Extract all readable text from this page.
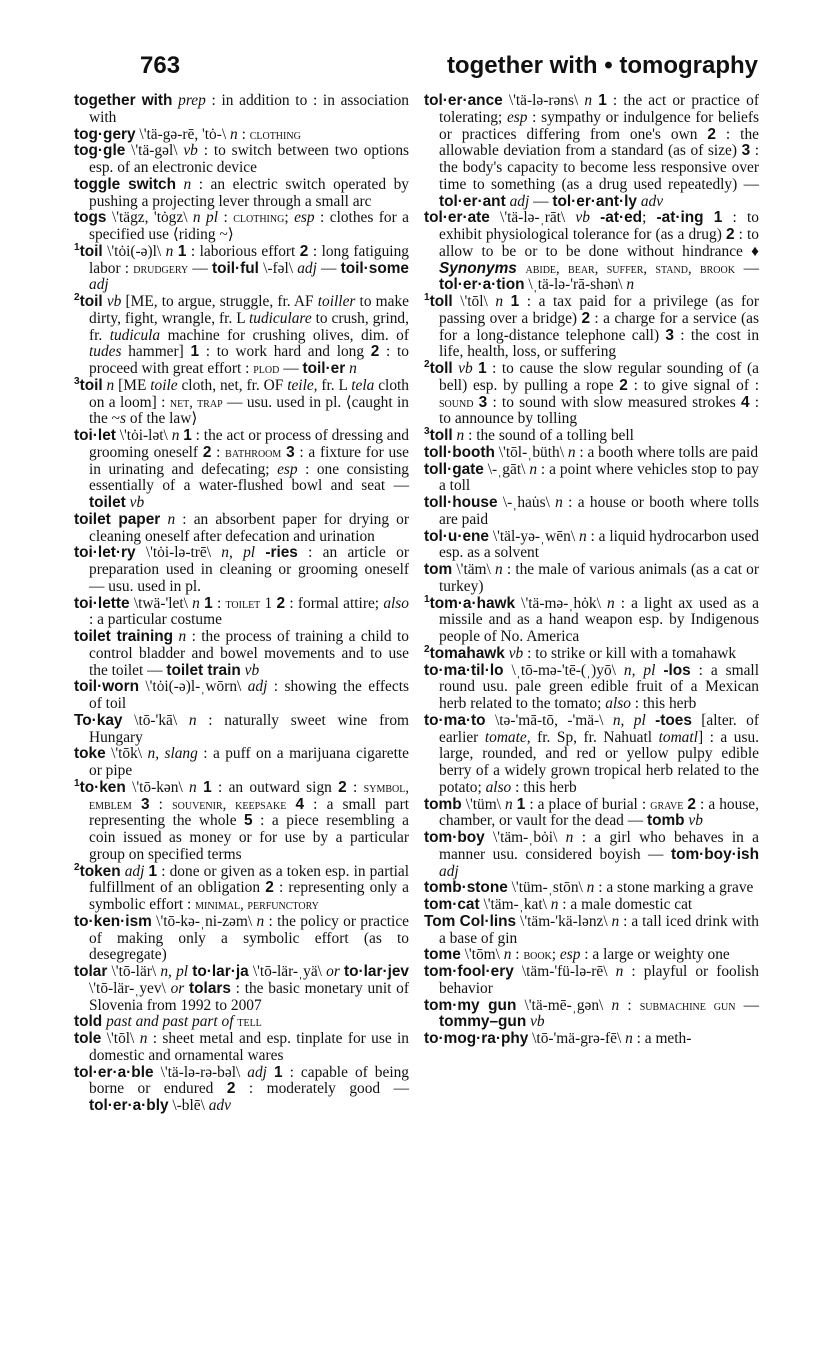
763	together with • tomography

together with prep : in addition to : in association with

tog·gery \'tä-gə-rē, 'tȯ-\ n : clothing

tog·gle \'tä-gəl\ vb : to switch between two options esp. of an electronic device

toggle switch n : an electric switch operated by pushing a projecting lever through a small arc

togs \'tägz, 'tȯgz\ n pl : clothing; esp : clothes for a specified use ⟨riding ~⟩

$^1$toil \'tȯi(-ə)l\ n 1 : laborious effort 2 : long fatiguing labor : drudgery — toil·ful \-fəl\ adj — toil·some adj

$^2$toil vb [ME, to argue, struggle, fr. AF toiller to make dirty, fight, wrangle, fr. L tudiculare to crush, grind, fr. tudicula machine for crushing olives, dim. of tudes hammer] 1 : to work hard and long 2 : to proceed with great effort : plod — toil·er n

$^3$toil n [ME toile cloth, net, fr. OF teile, fr. L tela cloth on a loom] : net, trap — usu. used in pl. ⟨caught in the ~s of the law⟩

toi·let \'tȯi-lət\ n 1 : the act or process of dressing and grooming oneself 2 : bathroom 3 : a fixture for use in urinating and defecating; esp : one consisting essentially of a water-flushed bowl and seat — toilet vb

toilet paper n : an absorbent paper for drying or cleaning oneself after defecation and urination

toi·let·ry \'tȯi-lə-trē\ n, pl -ries : an article or preparation used in cleaning or grooming oneself — usu. used in pl.

toi·lette \twä-'let\ n 1 : toilet 1 2 : formal attire; also : a particular costume

toilet training n : the process of training a child to control bladder and bowel movements and to use the toilet — toilet train vb

toil·worn \'tȯi(-ə)l-ˌwōrn\ adj : showing the effects of toil

To·kay \tō-'kā\ n : naturally sweet wine from Hungary

toke \'tōk\ n, slang : a puff on a marijuana cigarette or pipe

$^1$to·ken \'tō-kən\ n 1 : an outward sign 2 : symbol, emblem 3 : souvenir, keepsake 4 : a small part representing the whole 5 : a piece resembling a coin issued as money or for use by a particular group on specified terms

$^2$token adj 1 : done or given as a token esp. in partial fulfillment of an obligation 2 : representing only a symbolic effort : minimal, perfunctory

to·ken·ism \'tō-kə-ˌni-zəm\ n : the policy or practice of making only a symbolic effort (as to desegregate)

tolar \'tō-lär\ n, pl to·lar·ja \'tō-lär-ˌyä\ or to·lar·jev \'tō-lär-ˌyev\ or tolars : the basic monetary unit of Slovenia from 1992 to 2007

told past and past part of tell

tole \'tōl\ n : sheet metal and esp. tinplate for use in domestic and ornamental wares

tol·er·a·ble \'tä-lə-rə-bəl\ adj 1 : capable of being borne or endured 2 : moderately good — tol·er·a·bly \-blē\ adv

tol·er·ance \'tä-lə-rəns\ n 1 : the act or practice of tolerating; esp : sympathy or indulgence for beliefs or practices differing from one's own 2 : the allowable deviation from a standard (as of size) 3 : the body's capacity to become less responsive over time to something (as a drug used repeatedly) — tol·er·ant adj — tol·er·ant·ly adv

tol·er·ate \'tä-lə-ˌrāt\ vb -at·ed; -at·ing 1 : to exhibit physiological tolerance for (as a drug) 2 : to allow to be or to be done without hindrance ♦ Synonyms abide, bear, suffer, stand, brook — tol·er·a·tion \ˌtä-lə-'rā-shən\ n

$^1$toll \'tōl\ n 1 : a tax paid for a privilege (as for passing over a bridge) 2 : a charge for a service (as for a long-distance telephone call) 3 : the cost in life, health, loss, or suffering

$^2$toll vb 1 : to cause the slow regular sounding of (a bell) esp. by pulling a rope 2 : to give signal of : sound 3 : to sound with slow measured strokes 4 : to announce by tolling

$^3$toll n : the sound of a tolling bell

toll·booth \'tōl-ˌbüth\ n : a booth where tolls are paid

toll·gate \-ˌgāt\ n : a point where vehicles stop to pay a toll

toll·house \-ˌhau̇s\ n : a house or booth where tolls are paid

tol·u·ene \'täl-yə-ˌwēn\ n : a liquid hydrocarbon used esp. as a solvent

tom \'täm\ n : the male of various animals (as a cat or turkey)

$^1$tom·a·hawk \'tä-mə-ˌhȯk\ n : a light ax used as a missile and as a hand weapon esp. by Indigenous people of No. America

$^2$tomahawk vb : to strike or kill with a tomahawk

to·ma·til·lo \ˌtō-mə-'tē-(ˌ)yō\ n, pl -los : a small round usu. pale green edible fruit of a Mexican herb related to the tomato; also : this herb

to·ma·to \tə-'mā-tō, -'mä-\ n, pl -toes [alter. of earlier tomate, fr. Sp, fr. Nahuatl tomatl] : a usu. large, rounded, and red or yellow pulpy edible berry of a widely grown tropical herb related to the potato; also : this herb

tomb \'tüm\ n 1 : a place of burial : grave 2 : a house, chamber, or vault for the dead — tomb vb

tom·boy \'täm-ˌbȯi\ n : a girl who behaves in a manner usu. considered boyish — tom·boy·ish adj

tomb·stone \'tüm-ˌstōn\ n : a stone marking a grave

tom·cat \'täm-ˌkat\ n : a male domestic cat

Tom Col·lins \'täm-'kä-lənz\ n : a tall iced drink with a base of gin

tome \'tōm\ n : book; esp : a large or weighty one

tom·fool·ery \täm-'fü-lə-rē\ n : playful or foolish behavior

tom·my gun \'tä-mē-ˌgən\ n : submachine gun — tommy–gun vb

to·mog·ra·phy \tō-'mä-grə-fē\ n : a meth-
